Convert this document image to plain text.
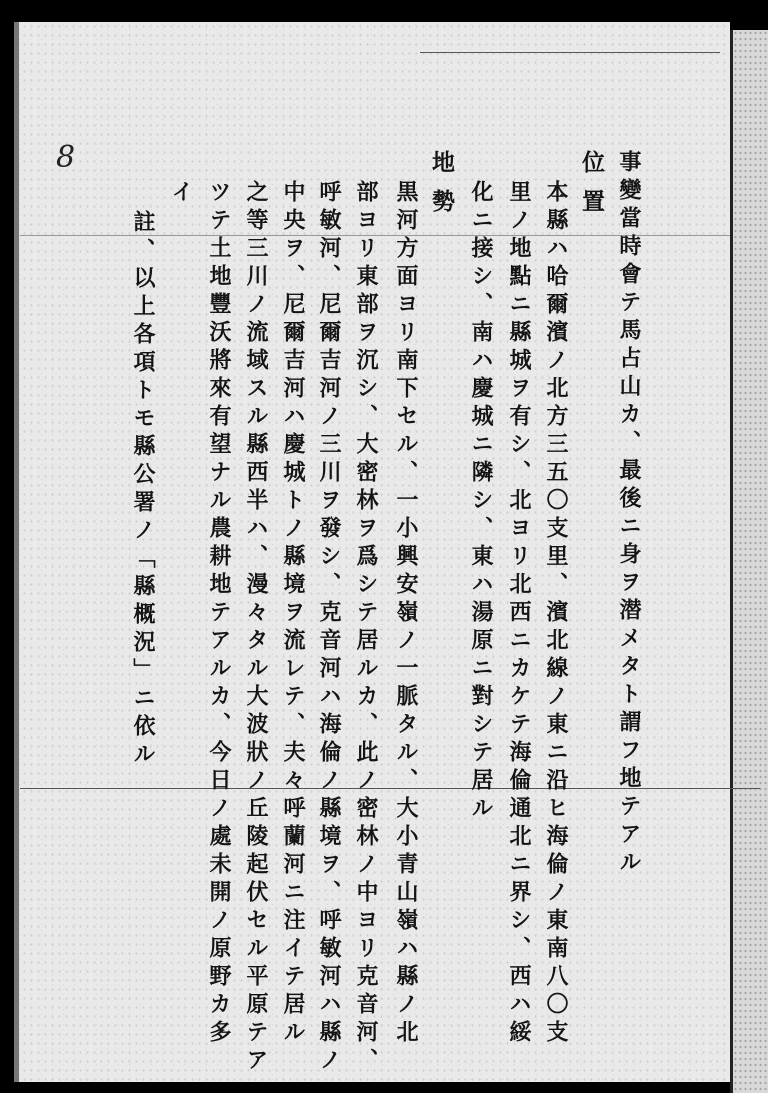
8	事變當時會テ馬占山カ、最後ニ身ヲ潜メタト謂フ地テアル
位置
本縣ハ哈爾濱ノ北方三五〇支里、濱北線ノ東ニ沿ヒ海倫ノ東南八〇支
里ノ地點ニ縣城ヲ有シ、北ヨリ北西ニカケテ海倫通北ニ界シ、西ハ綏
化ニ接シ、南ハ慶城ニ隣シ、東ハ湯原ニ對シテ居ル
地勢
黒河方面ヨリ南下セル、一小興安嶺ノ一脈タル、大小青山嶺ハ縣ノ北
部ヨリ東部ヲ沉シ、大密林ヲ爲シテ居ルカ、此ノ密林ノ中ヨリ克音河、
呼敏河、尼爾吉河ノ三川ヲ發シ、克音河ハ海倫ノ縣境ヲ、呼敏河ハ縣ノ
中央ヲ、尼爾吉河ハ慶城トノ縣境ヲ流レテ、夫々呼蘭河ニ注イテ居ル
之等三川ノ流域スル縣西半ハ、漫々タル大波狀ノ丘陵起伏セル平原テア
ツテ土地豐沃將來有望ナル農耕地テアルカ、今日ノ處未開ノ原野カ多
イ
註、以上各項トモ縣公署ノ「縣概況」ニ依ル
